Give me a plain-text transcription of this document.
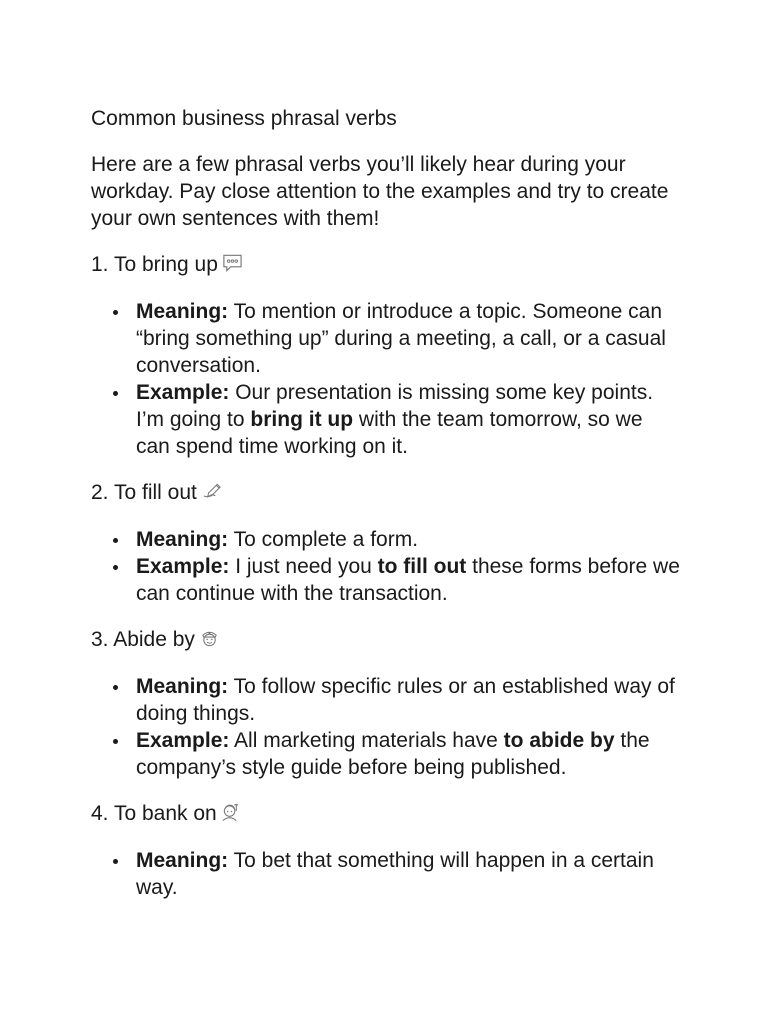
Common business phrasal verbs

Here are a few phrasal verbs you’ll likely hear during your workday. Pay close attention to the examples and try to create your own sentences with them!

1. To bring up
Meaning: To mention or introduce a topic. Someone can “bring something up” during a meeting, a call, or a casual conversation.
Example: Our presentation is missing some key points. I’m going to bring it up with the team tomorrow, so we can spend time working on it.
2. To fill out
Meaning: To complete a form.
Example: I just need you to fill out these forms before we can continue with the transaction.
3. Abide by
Meaning: To follow specific rules or an established way of doing things.
Example: All marketing materials have to abide by the company’s style guide before being published.
4. To bank on
Meaning: To bet that something will happen in a certain way.
